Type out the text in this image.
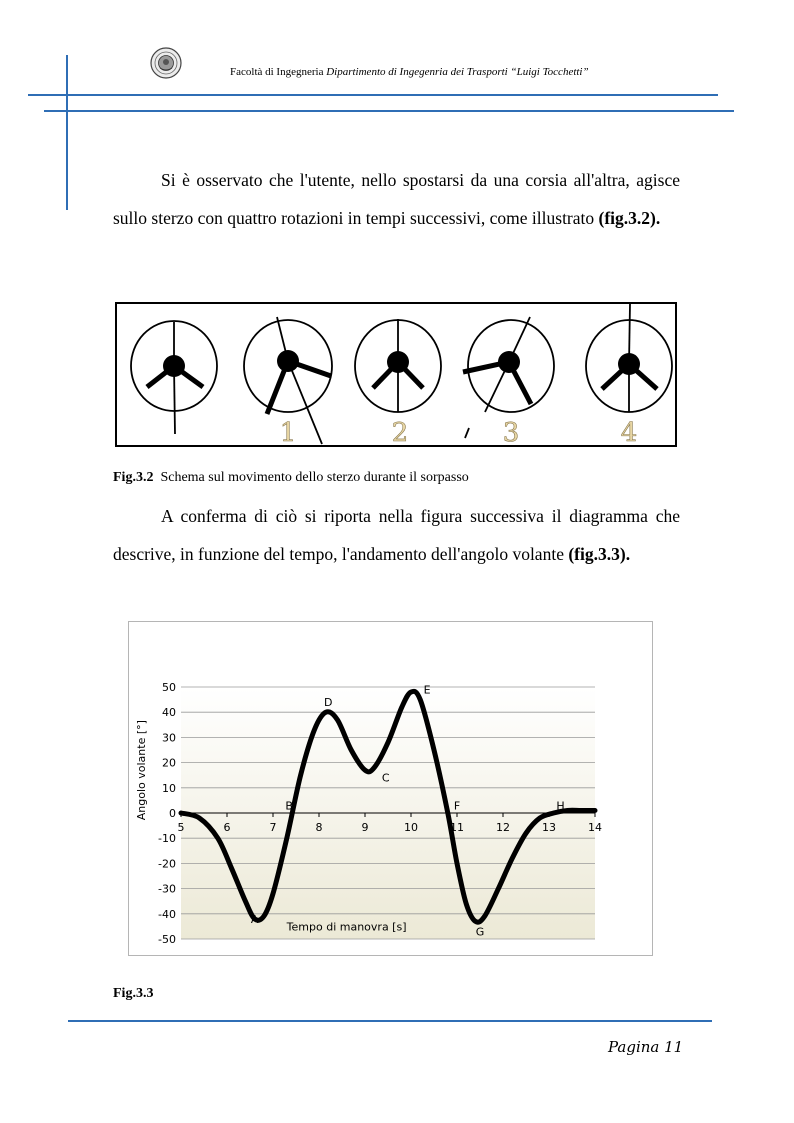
Facoltà di Ingegneria Dipartimento di Ingegenria dei Trasporti “Luigi Tocchetti”
Si è osservato che l'utente, nello spostarsi da una corsia all'altra, agisce sullo sterzo con quattro rotazioni in tempi successivi, come illustrato (fig.3.2).
1	2	3	4
Fig.3.2 Schema sul movimento dello sterzo durante il sorpasso
A conferma di ciò si riporta nella figura successiva il diagramma che descrive, in funzione del tempo, l'andamento dell'angolo volante (fig.3.3).
50
40
30
20
10
0
-10
-20
-30
-40
-50
5	6	7	8	9	10	11	12	13	14
A
B
C
D
E
F
G
H
Tempo di manovra [s]
Angolo volante [°]
Fig.3.3
Pagina 11
